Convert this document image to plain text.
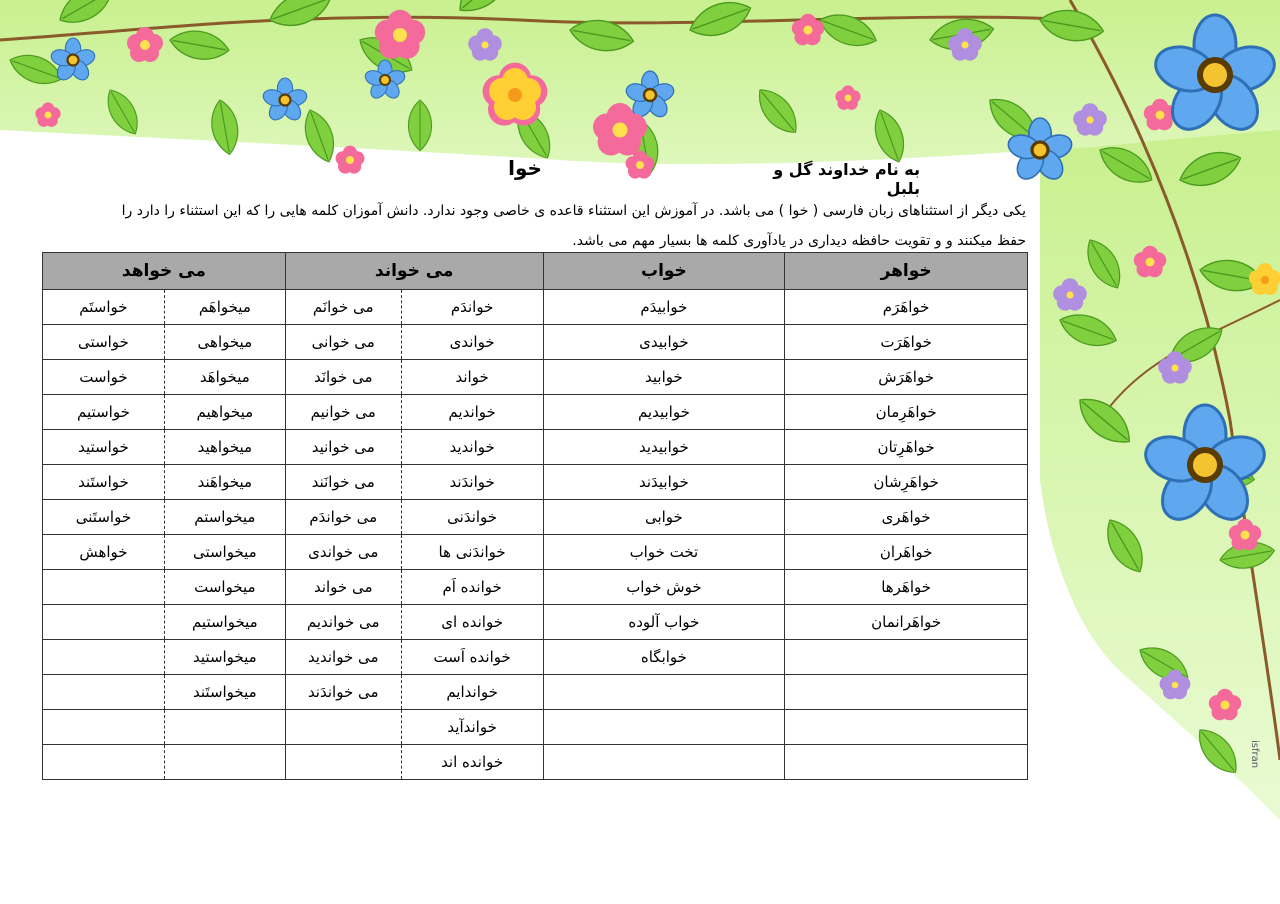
به نام خداوند گل و بلبل
خوا
یکی دیگر از استثناهای زبان فارسی ( خوا ) می باشد. در آموزش این استثناء قاعده ی خاصی وجود ندارد. دانش آموزان کلمه هایی را که این استثناء را دارد را حفظ میکنند و و تقویت حافظه دیداری در یادآوری کلمه ها بسیار مهم می باشد.
می خواهد		می خواند		خواب	خواهر
خواستَم	میخواهَم	می خوانَم	خواندَم	خوابیدَم	خواهَرَم
خواستی	میخواهی	می خوانی	خواندی	خوابیدی	خواهَرَت
خواست	میخواهَد	می خوانَد	خواند	خوابید	خواهَرَش
خواستیم	میخواهیم	می خوانیم	خواندیم	خوابیدیم	خواهَرِمان
خواستید	میخواهید	می خوانید	خواندید	خوابیدید	خواهَرِتان
خواستَند	میخواهَند	می خوانَند	خواندَند	خوابیدَند	خواهَرِشان
خواستَنی	میخواستم	می خواندَم	خواندَنی	خوابی	خواهَری
خواهش	میخواستی	می خواندی	خواندَنی ها	تخت خواب	خواهَران
	میخواست	می خواند	خوانده اَم	خوش خواب	خواهَرها
	میخواستیم	می خواندیم	خوانده ای	خواب آلوده	خواهَرانمان
	میخواستید	می خواندید	خوانده اَست	خوابگاه	
	میخواستَند	می خواندَند	خواندایم		
			خواندآید		
			خوانده اند			isfran
